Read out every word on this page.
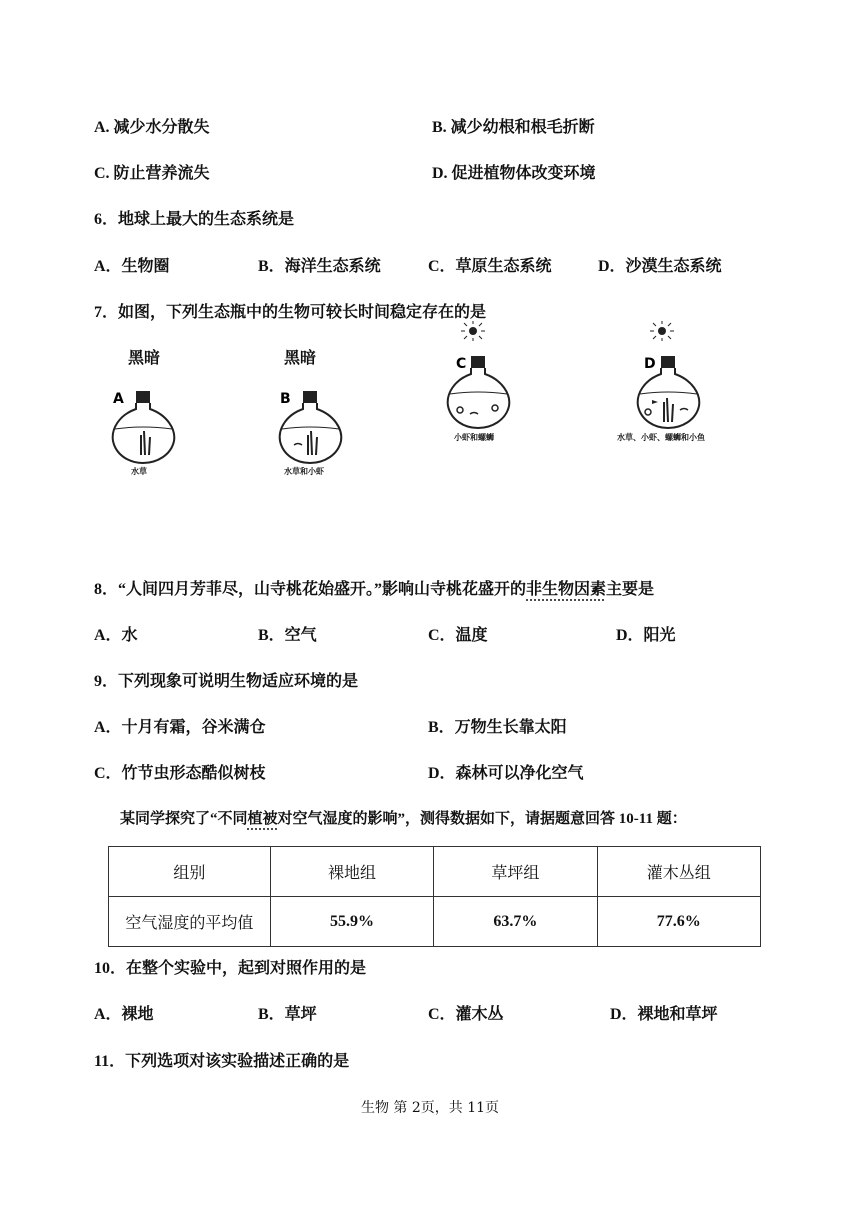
A. 减少水分散失	B. 减少幼根和根毛折断
C. 防止营养流失	D. 促进植物体改变环境
6．地球上最大的生态系统是
A．生物圈	B．海洋生态系统	C．草原生态系统	D．沙漠生态系统
7．如图，下列生态瓶中的生物可较长时间稳定存在的是
黑暗
A
水草
黑暗
B
水草和小虾
C
小虾和螺蛳
D
水草、小虾、螺蛳和小鱼
8．“人间四月芳菲尽，山寺桃花始盛开。”影响山寺桃花盛开的非生物因素主要是
A．水	B．空气	C．温度	D．阳光
9．下列现象可说明生物适应环境的是
A．十月有霜，谷米满仓	B．万物生长靠太阳
C．竹节虫形态酷似树枝	D．森林可以净化空气
某同学探究了“不同植被对空气湿度的影响”，测得数据如下，请据题意回答 10-11 题：
组别	裸地组	草坪组	灌木丛组
空气湿度的平均值	55.9%	63.7%	77.6%
10．在整个实验中，起到对照作用的是
A．裸地	B．草坪	C．灌木丛	D．裸地和草坪
11．下列选项对该实验描述正确的是
生物 第 2页，共 11页
